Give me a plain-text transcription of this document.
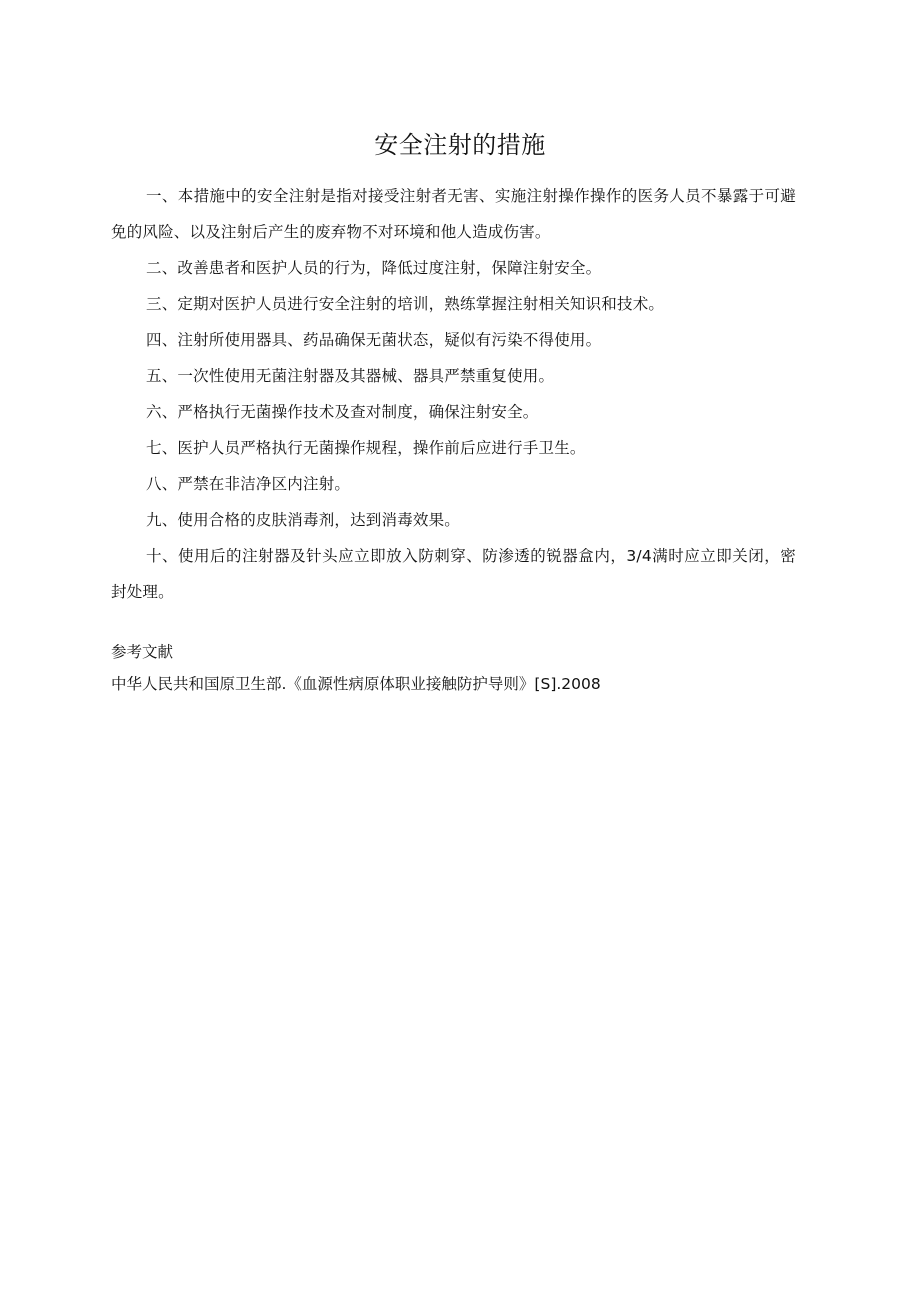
安全注射的措施

一、本措施中的安全注射是指对接受注射者无害、实施注射操作操作的医务人员不暴露于可避免的风险、以及注射后产生的废弃物不对环境和他人造成伤害。

二、改善患者和医护人员的行为，降低过度注射，保障注射安全。

三、定期对医护人员进行安全注射的培训，熟练掌握注射相关知识和技术。

四、注射所使用器具、药品确保无菌状态，疑似有污染不得使用。

五、一次性使用无菌注射器及其器械、器具严禁重复使用。

六、严格执行无菌操作技术及查对制度，确保注射安全。

七、医护人员严格执行无菌操作规程，操作前后应进行手卫生。

八、严禁在非洁净区内注射。

九、使用合格的皮肤消毒剂，达到消毒效果。

十、使用后的注射器及针头应立即放入防刺穿、防渗透的锐器盒内，3/4满时应立即关闭，密封处理。

参考文献

中华人民共和国原卫生部.《血源性病原体职业接触防护导则》[S].2008
